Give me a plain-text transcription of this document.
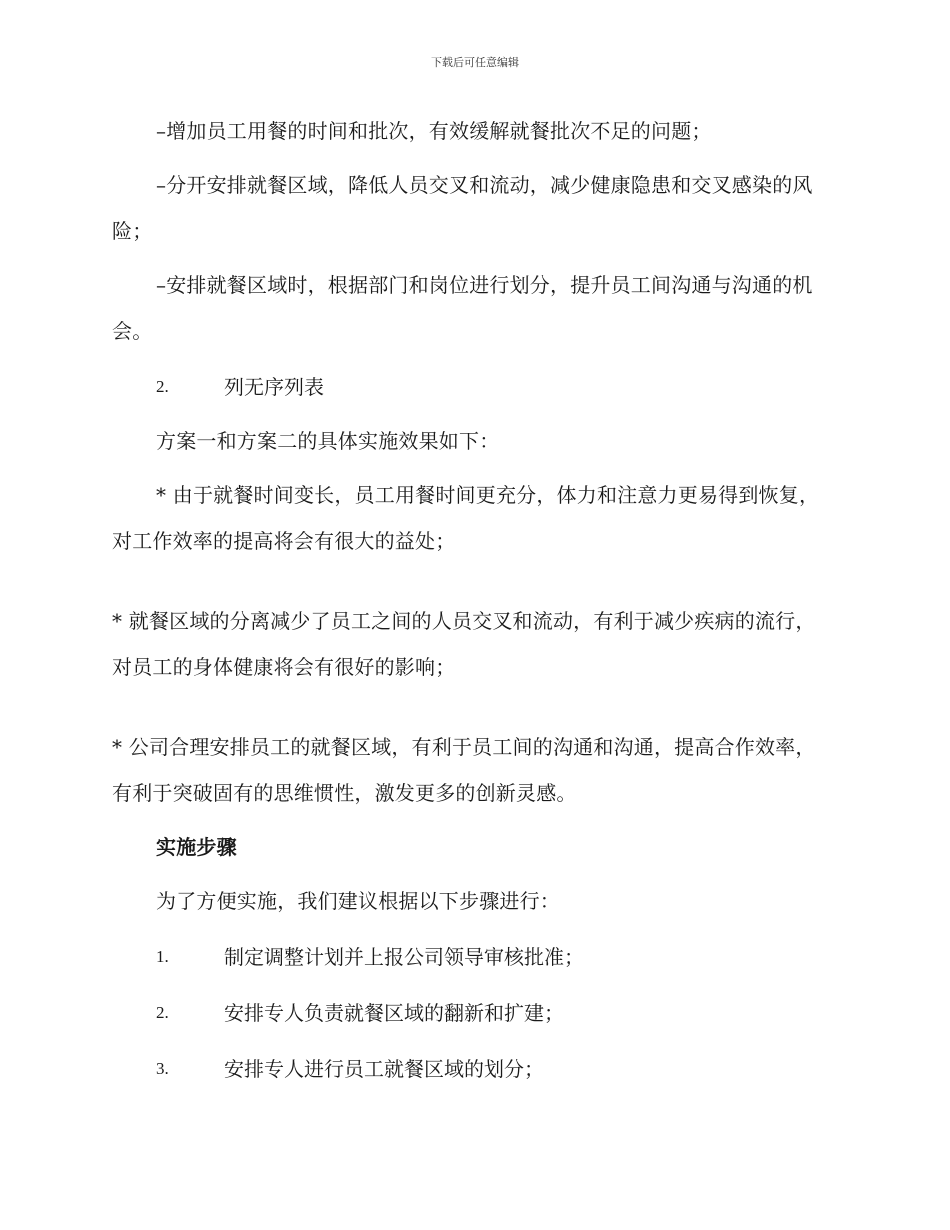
下载后可任意编辑

–增加员工用餐的时间和批次，有效缓解就餐批次不足的问题；

–分开安排就餐区域，降低人员交叉和流动，减少健康隐患和交叉感染的风险；

–安排就餐区域时，根据部门和岗位进行划分，提升员工间沟通与沟通的机会。

2.	列无序列表

方案一和方案二的具体实施效果如下：

* 由于就餐时间变长，员工用餐时间更充分，体力和注意力更易得到恢复，对工作效率的提高将会有很大的益处；

* 就餐区域的分离减少了员工之间的人员交叉和流动，有利于减少疾病的流行，对员工的身体健康将会有很好的影响；

* 公司合理安排员工的就餐区域，有利于员工间的沟通和沟通，提高合作效率，有利于突破固有的思维惯性，激发更多的创新灵感。

实施步骤

为了方便实施，我们建议根据以下步骤进行：

1.	制定调整计划并上报公司领导审核批准；
2.	安排专人负责就餐区域的翻新和扩建；
3.	安排专人进行员工就餐区域的划分；
